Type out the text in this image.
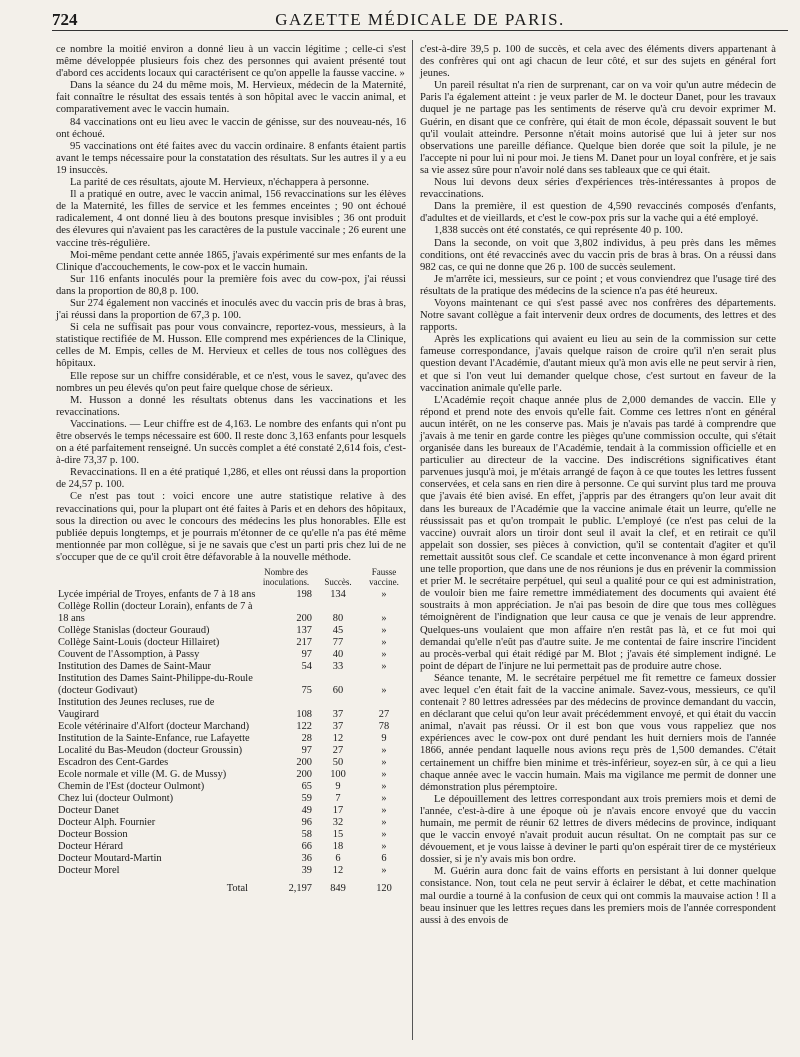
724	GAZETTE MÉDICALE DE PARIS.

ce nombre la moitié environ a donné lieu à un vaccin légitime ; celle-ci s'est même développée plusieurs fois chez des personnes qui avaient présenté tout d'abord ces accidents locaux qui caractérisent ce qu'on appelle la fausse vaccine. »

Dans la séance du 24 du même mois, M. Hervieux, médecin de la Maternité, fait connaître le résultat des essais tentés à son hôpital avec le vaccin animal, et comparativement avec le vaccin humain.

84 vaccinations ont eu lieu avec le vaccin de génisse, sur des nouveau-nés, 16 ont échoué.

95 vaccinations ont été faites avec du vaccin ordinaire. 8 enfants étaient partis avant le temps nécessaire pour la constatation des résultats. Sur les autres il y a eu 19 insuccès.

La parité de ces résultats, ajoute M. Hervieux, n'échappera à personne.

Il a pratiqué en outre, avec le vaccin animal, 156 revaccinations sur les élèves de la Maternité, les filles de service et les femmes enceintes ; 90 ont échoué radicalement, 4 ont donné lieu à des boutons presque invisibles ; 36 ont produit des élevures qui n'avaient pas les caractères de la pustule vaccinale ; 26 eurent une vaccine très-régulière.

Moi-même pendant cette année 1865, j'avais expérimenté sur mes enfants de la Clinique d'accouchements, le cow-pox et le vaccin humain.

Sur 116 enfants inoculés pour la première fois avec du cow-pox, j'ai réussi dans la proportion de 80,8 p. 100.

Sur 274 également non vaccinés et inoculés avec du vaccin pris de bras à bras, j'ai réussi dans la proportion de 67,3 p. 100.

Si cela ne suffisait pas pour vous convaincre, reportez-vous, messieurs, à la statistique rectifiée de M. Husson. Elle comprend mes expériences de la Clinique, celles de M. Empis, celles de M. Hervieux et celles de tous nos collègues des hôpitaux.

Elle repose sur un chiffre considérable, et ce n'est, vous le savez, qu'avec des nombres un peu élevés qu'on peut faire quelque chose de sérieux.

M. Husson a donné les résultats obtenus dans les vaccinations et les revaccinations.

Vaccinations. — Leur chiffre est de 4,163. Le nombre des enfants qui n'ont pu être observés le temps nécessaire est 600. Il reste donc 3,163 enfants pour lesquels on a été parfaitement renseigné. Un succès complet a été constaté 2,614 fois, c'est-à-dire 73,37 p. 100.

Revaccinations. Il en a été pratiqué 1,286, et elles ont réussi dans la proportion de 24,57 p. 100.

Ce n'est pas tout : voici encore une autre statistique relative à des revaccinations qui, pour la plupart ont été faites à Paris et en dehors des hôpitaux, sous la direction ou avec le concours des médecins les plus honorables. Elle est publiée depuis longtemps, et je pourrais m'étonner de ce qu'elle n'a pas été même mentionnée par mon collègue, si je ne savais que c'est un parti pris chez lui de ne s'occuper que de ce qu'il croit être défavorable à la nouvelle méthode.

	Nombre des inoculations.	Succès.	Fausse vaccine.
Lycée impérial de Troyes, enfants de 7 à 18 ans	198	134	»
Collège Rollin (docteur Lorain), enfants de 7 à 18 ans	200	80	»
Collège Stanislas (docteur Gouraud)	137	45	»
Collège Saint-Louis (docteur Hillairet)	217	77	»
Couvent de l'Assomption, à Passy	97	40	»
Institution des Dames de Saint-Maur	54	33	»
Institution des Dames Saint-Philippe-du-Roule (docteur Godivaut)	75	60	»
Institution des Jeunes recluses, rue de Vaugirard	108	37	27
Ecole vétérinaire d'Alfort (docteur Marchand)	122	37	78
Institution de la Sainte-Enfance, rue Lafayette	28	12	9
Localité du Bas-Meudon (docteur Groussin)	97	27	»
Escadron des Cent-Gardes	200	50	»
Ecole normale et ville (M. G. de Mussy)	200	100	»
Chemin de l'Est (docteur Oulmont)	65	9	»
Chez lui (docteur Oulmont)	59	7	»
Docteur Danet	49	17	»
Docteur Alph. Fournier	96	32	»
Docteur Bossion	58	15	»
Docteur Hérard	66	18	»
Docteur Moutard-Martin	36	6	6
Docteur Morel	39	12	»
Total	2,197	849	120

c'est-à-dire 39,5 p. 100 de succès, et cela avec des éléments divers appartenant à des confrères qui ont agi chacun de leur côté, et sur des sujets en général fort jeunes.

Un pareil résultat n'a rien de surprenant, car on va voir qu'un autre médecin de Paris l'a également atteint : je veux parler de M. le docteur Danet, pour les travaux duquel je ne partage pas les sentiments de réserve qu'à cru devoir exprimer M. Guérin, en disant que ce confrère, qui était de mon école, dépassait souvent le but qu'il voulait atteindre. Personne n'était moins autorisé que lui à jeter sur nos observations une pareille défiance. Quelque bien dorée que soit la pilule, je ne l'accepte ni pour lui ni pour moi. Je tiens M. Danet pour un loyal confrère, et je sais sa vie assez sûre pour n'avoir nolé dans ses tableaux que ce qui était.

Nous lui devons deux séries d'expériences très-intéressantes à propos de revaccinations.

Dans la première, il est question de 4,590 revaccinés composés d'enfants, d'adultes et de vieillards, et c'est le cow-pox pris sur la vache qui a été employé.

1,838 succès ont été constatés, ce qui représente 40 p. 100.

Dans la seconde, on voit que 3,802 individus, à peu près dans les mêmes conditions, ont été revaccinés avec du vaccin pris de bras à bras. On a réussi dans 982 cas, ce qui ne donne que 26 p. 100 de succès seulement.

Je m'arrête ici, messieurs, sur ce point ; et vous conviendrez que l'usage tiré des résultats de la pratique des médecins de la science n'a pas été heureux.

Voyons maintenant ce qui s'est passé avec nos confrères des départements. Notre savant collègue a fait intervenir deux ordres de documents, des lettres et des rapports.

Après les explications qui avaient eu lieu au sein de la commission sur cette fameuse correspondance, j'avais quelque raison de croire qu'il n'en serait plus question devant l'Académie, d'autant mieux qu'à mon avis elle ne peut servir à rien, et que si l'on veut lui demander quelque chose, c'est surtout en faveur de la vaccination animale qu'elle parle.

L'Académie reçoit chaque année plus de 2,000 demandes de vaccin. Elle y répond et prend note des envois qu'elle fait. Comme ces lettres n'ont en général aucun intérêt, on ne les conserve pas. Mais je n'avais pas tardé à comprendre que j'avais à me tenir en garde contre les pièges qu'une commission occulte, qui s'était organisée dans les bureaux de l'Académie, tendait à la commission officielle et en particulier au directeur de la vaccine. Des indiscrétions significatives étant parvenues jusqu'à moi, je m'étais arrangé de façon à ce que toutes les lettres fussent conservées, et cela sans en rien dire à personne. Ce qui survint plus tard me prouva que j'avais été bien avisé. En effet, j'appris par des étrangers qu'on leur avait dit dans les bureaux de l'Académie que la vaccine animale était un leurre, qu'elle ne réussissait pas et qu'on trompait le public. L'employé (ce n'est pas celui de la vaccine) ouvrait alors un tiroir dont seul il avait la clef, et en retirait ce qu'il appelait son dossier, ses pièces à conviction, qu'il se contentait d'agiter et qu'il remettait aussitôt sous clef. Ce scandale et cette inconvenance à mon égard prirent une telle proportion, que dans une de nos réunions je dus en prévenir la commission et prier M. le secrétaire perpétuel, qui seul a qualité pour ce qui est administration, de vouloir bien me faire remettre immédiatement des documents qui avaient été soustraits à mon appréciation. Je n'ai pas besoin de dire que tous mes collègues témoignèrent de l'indignation que leur causa ce que je venais de leur apprendre. Quelques-uns voulaient que mon affaire n'en restât pas là, et ce fut moi qui demandai qu'elle n'eût pas d'autre suite. Je me contentai de faire inscrire l'incident au procès-verbal qui était rédigé par M. Blot ; j'avais été simplement indigné. Le point de départ de l'injure ne lui permettait pas de produire autre chose.

Séance tenante, M. le secrétaire perpétuel me fit remettre ce fameux dossier avec lequel c'en était fait de la vaccine animale. Savez-vous, messieurs, ce qu'il contenait ? 80 lettres adressées par des médecins de province demandant du vaccin, en déclarant que celui qu'on leur avait précédemment envoyé, et qui était du vaccin animal, n'avait pas réussi. Or il est bon que vous vous rappeliez que nos expériences avec le cow-pox ont duré pendant les huit derniers mois de l'année 1866, année pendant laquelle nous avions reçu près de 1,500 demandes. C'était certainement un chiffre bien minime et très-inférieur, soyez-en sûr, à ce qui a lieu chaque année avec le vaccin humain. Mais ma vigilance me permit de donner une démonstration plus péremptoire.

Le dépouillement des lettres correspondant aux trois premiers mois et demi de l'année, c'est-à-dire à une époque où je n'avais encore envoyé que du vaccin humain, me permit de réunir 62 lettres de divers médecins de province, indiquant que le vaccin envoyé n'avait produit aucun résultat. On ne comptait pas sur ce dévouement, et je vous laisse à deviner le parti qu'on espérait tirer de ce mystérieux dossier, si je n'y avais mis bon ordre.

M. Guérin aura donc fait de vains efforts en persistant à lui donner quelque consistance. Non, tout cela ne peut servir à éclairer le débat, et cette machination mal ourdie a tourné à la confusion de ceux qui ont commis la mauvaise action ! Il a beau insinuer que les lettres reçues dans les premiers mois de l'année correspondent aussi à des envois de
